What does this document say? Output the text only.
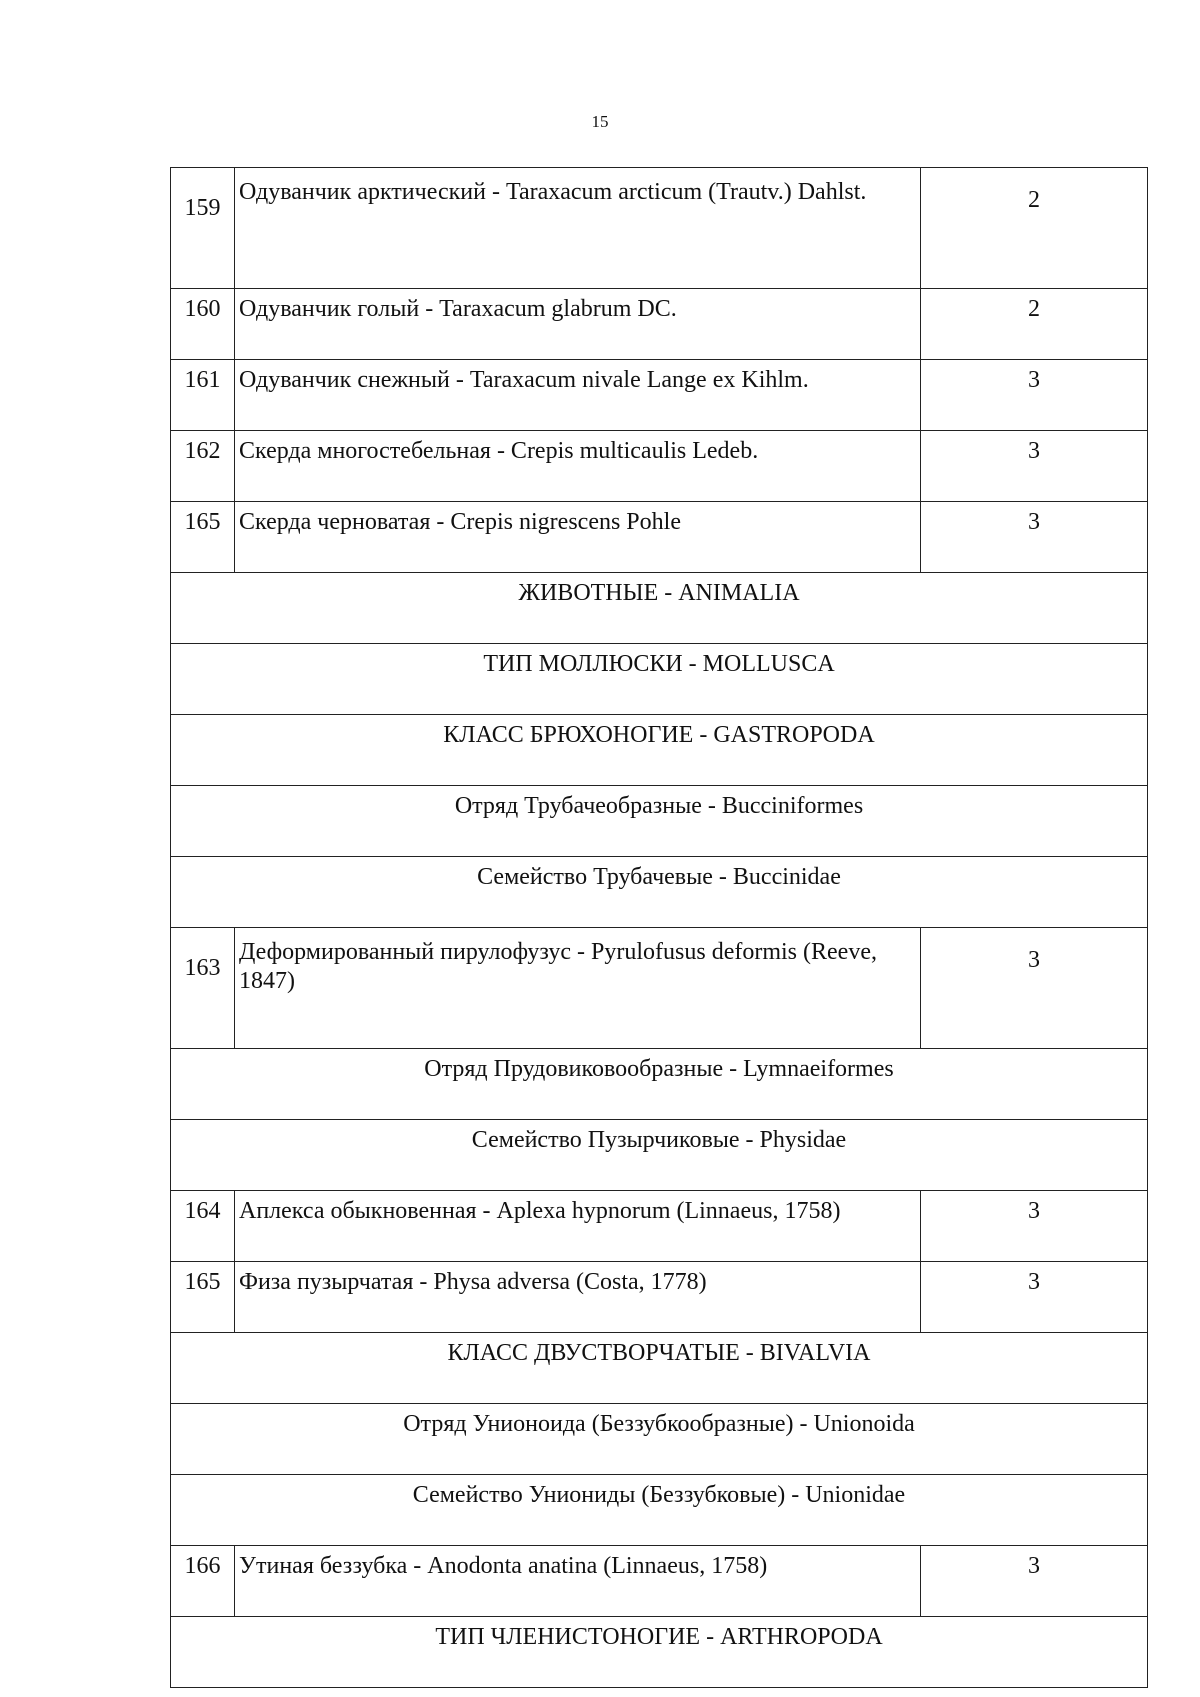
15
159	Одуванчик арктический - Taraxacum arcticum (Trautv.) Dahlst.	2
160	Одуванчик голый - Taraxacum glabrum DC.	2
161	Одуванчик снежный - Taraxacum nivale Lange ex Kihlm.	3
162	Скерда многостебельная - Crepis multicaulis Ledeb.	3
165	Скерда черноватая - Crepis nigrescens Pohle	3
ЖИВОТНЫЕ - ANIMALIA		
ТИП МОЛЛЮСКИ - MOLLUSCA		
КЛАСС БРЮХОНОГИЕ - GASTROPODA		
Отряд Трубачеобразные - Bucciniformes		
Семейство Трубачевые - Buccinidae		
163	Деформированный пирулофузус - Pyrulofusus deformis (Reeve, 1847)	3
Отряд Прудовиковообразные - Lymnaeiformes		
Семейство Пузырчиковые - Physidae		
164	Аплекса обыкновенная - Aplexa hypnorum (Linnaeus, 1758)	3
165	Физа пузырчатая - Physa adversa (Costa, 1778)	3
КЛАСС ДВУСТВОРЧАТЫЕ - BIVALVIA		
Отряд Унионоида (Беззубкообразные) - Unionoida		
Семейство Униониды (Беззубковые) - Unionidae		
166	Утиная беззубка - Anodonta anatina (Linnaeus, 1758)	3
ТИП ЧЛЕНИСТОНОГИЕ - ARTHROPODA		
